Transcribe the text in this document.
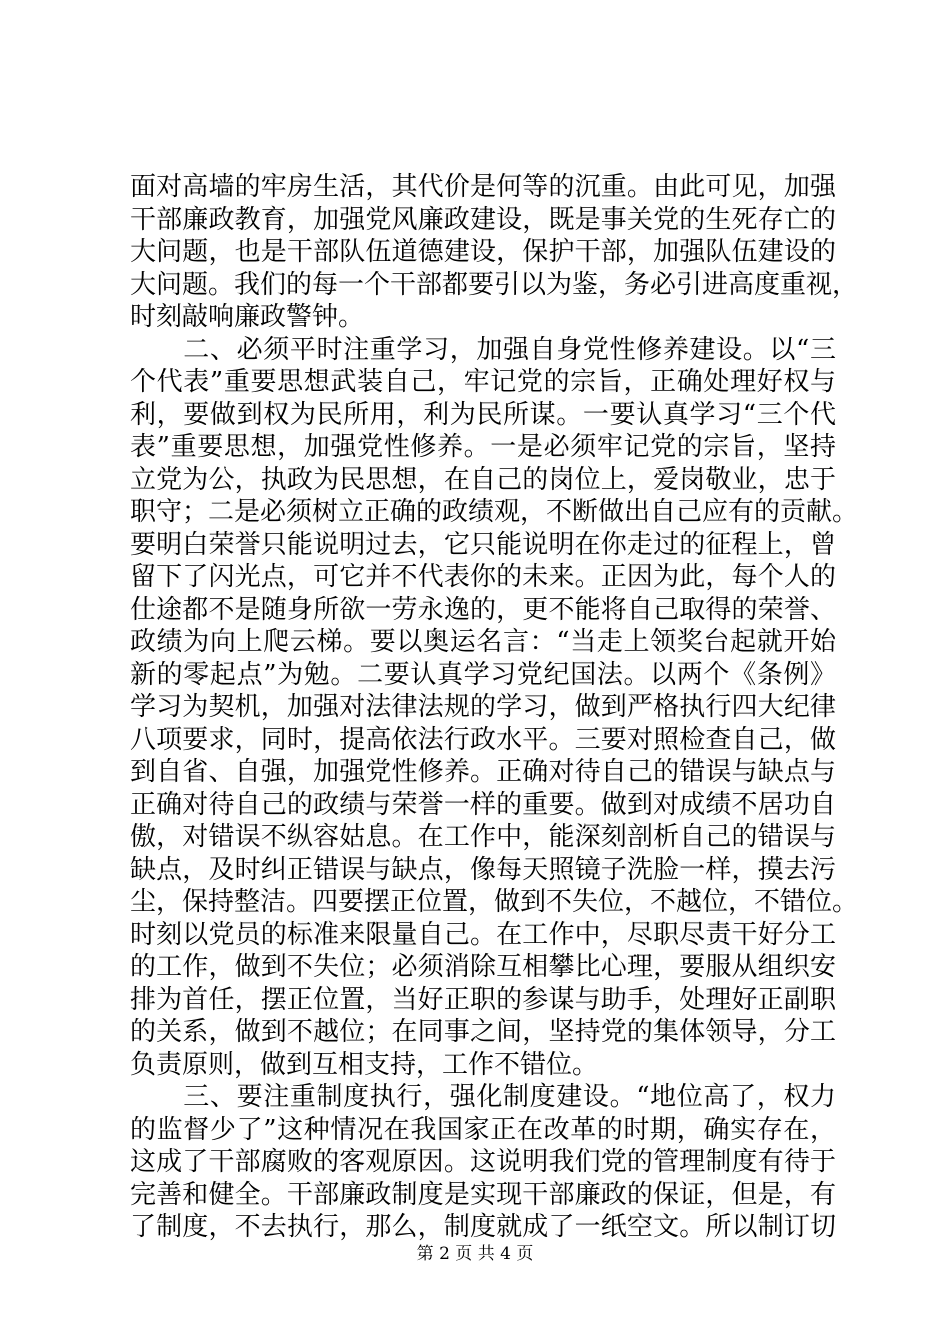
面对高墙的牢房生活，其代价是何等的沉重。由此可见，加强
干部廉政教育，加强党风廉政建设，既是事关党的生死存亡的
大问题，也是干部队伍道德建设，保护干部，加强队伍建设的
大问题。我们的每一个干部都要引以为鉴，务必引进高度重视，
时刻敲响廉政警钟。
　　二、必须平时注重学习，加强自身党性修养建设。以“三
个代表”重要思想武装自己，牢记党的宗旨，正确处理好权与
利，要做到权为民所用，利为民所谋。一要认真学习“三个代
表”重要思想，加强党性修养。一是必须牢记党的宗旨，坚持
立党为公，执政为民思想，在自己的岗位上，爱岗敬业，忠于
职守；二是必须树立正确的政绩观，不断做出自己应有的贡献。
要明白荣誉只能说明过去，它只能说明在你走过的征程上，曾
留下了闪光点，可它并不代表你的未来。正因为此，每个人的
仕途都不是随身所欲一劳永逸的，更不能将自己取得的荣誉、
政绩为向上爬云梯。要以奥运名言：“当走上领奖台起就开始
新的零起点”为勉。二要认真学习党纪国法。以两个《条例》
学习为契机，加强对法律法规的学习，做到严格执行四大纪律
八项要求，同时，提高依法行政水平。三要对照检查自己，做
到自省、自强，加强党性修养。正确对待自己的错误与缺点与
正确对待自己的政绩与荣誉一样的重要。做到对成绩不居功自
傲，对错误不纵容姑息。在工作中，能深刻剖析自己的错误与
缺点，及时纠正错误与缺点，像每天照镜子洗脸一样，摸去污
尘，保持整洁。四要摆正位置，做到不失位，不越位，不错位。
时刻以党员的标准来限量自己。在工作中，尽职尽责干好分工
的工作，做到不失位；必须消除互相攀比心理，要服从组织安
排为首任，摆正位置，当好正职的参谋与助手，处理好正副职
的关系，做到不越位；在同事之间，坚持党的集体领导，分工
负责原则，做到互相支持，工作不错位。
　　三、要注重制度执行，强化制度建设。“地位高了，权力
的监督少了”这种情况在我国家正在改革的时期，确实存在，
这成了干部腐败的客观原因。这说明我们党的管理制度有待于
完善和健全。干部廉政制度是实现干部廉政的保证，但是，有
了制度，不去执行，那么，制度就成了一纸空文。所以制订切
第 2 页 共 4 页
